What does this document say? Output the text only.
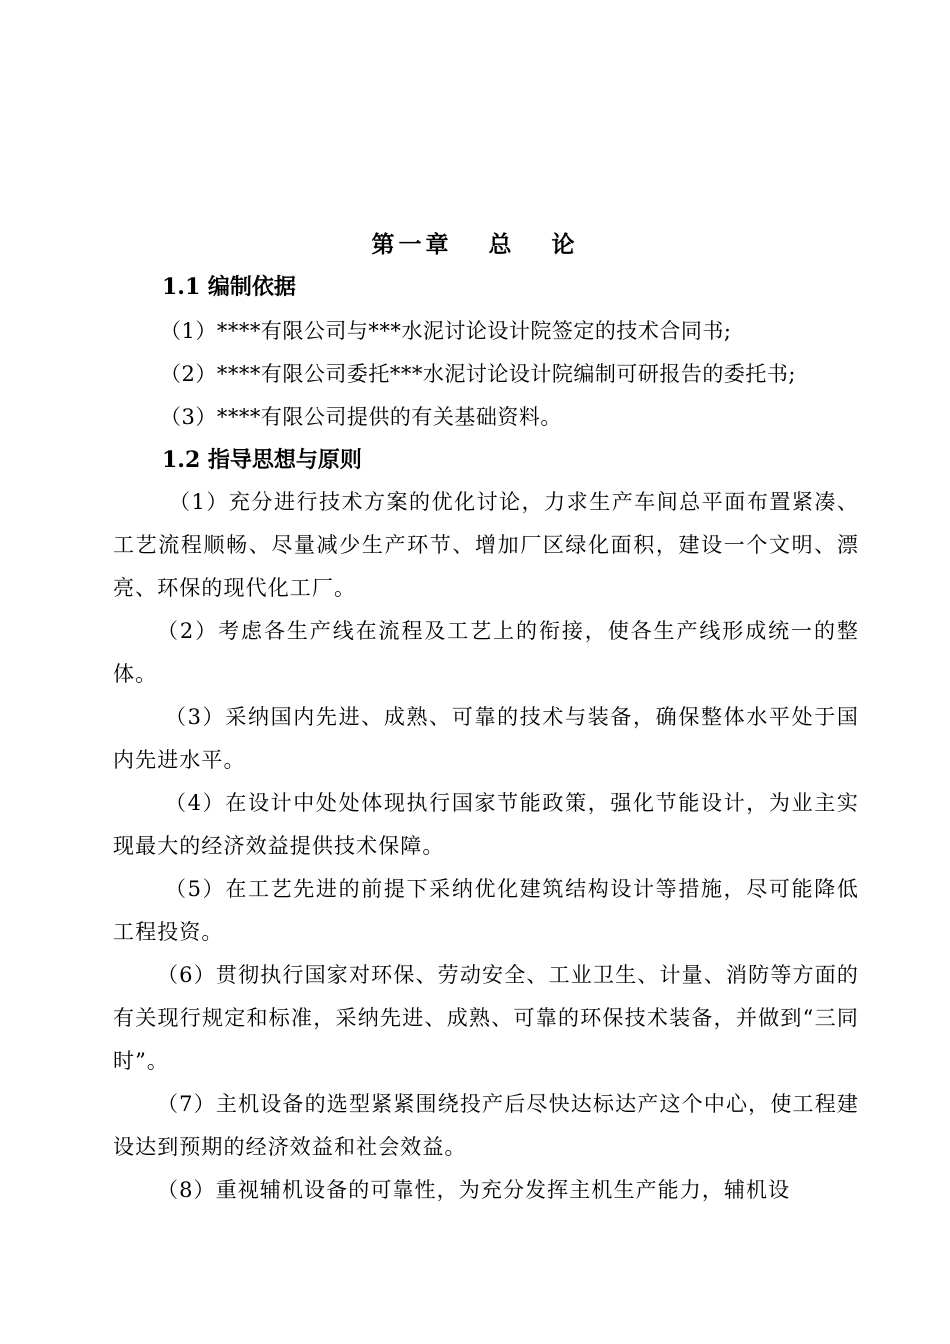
第一章   总   论
1.1 编制依据
（1）****有限公司与***水泥讨论设计院签定的技术合同书;
（2）****有限公司委托***水泥讨论设计院编制可研报告的委托书;
（3）****有限公司提供的有关基础资料。
1.2 指导思想与原则
（1）充分进行技术方案的优化讨论，力求生产车间总平面布置紧凑、工艺流程顺畅、尽量减少生产环节、增加厂区绿化面积，建设一个文明、漂亮、环保的现代化工厂。
（2）考虑各生产线在流程及工艺上的衔接，使各生产线形成统一的整体。
（3）采纳国内先进、成熟、可靠的技术与装备，确保整体水平处于国内先进水平。
（4）在设计中处处体现执行国家节能政策，强化节能设计，为业主实现最大的经济效益提供技术保障。
（5）在工艺先进的前提下采纳优化建筑结构设计等措施，尽可能降低工程投资。
（6）贯彻执行国家对环保、劳动安全、工业卫生、计量、消防等方面的有关现行规定和标准，采纳先进、成熟、可靠的环保技术装备，并做到“三同时”。
（7）主机设备的选型紧紧围绕投产后尽快达标达产这个中心，使工程建设达到预期的经济效益和社会效益。
（8）重视辅机设备的可靠性，为充分发挥主机生产能力，辅机设
